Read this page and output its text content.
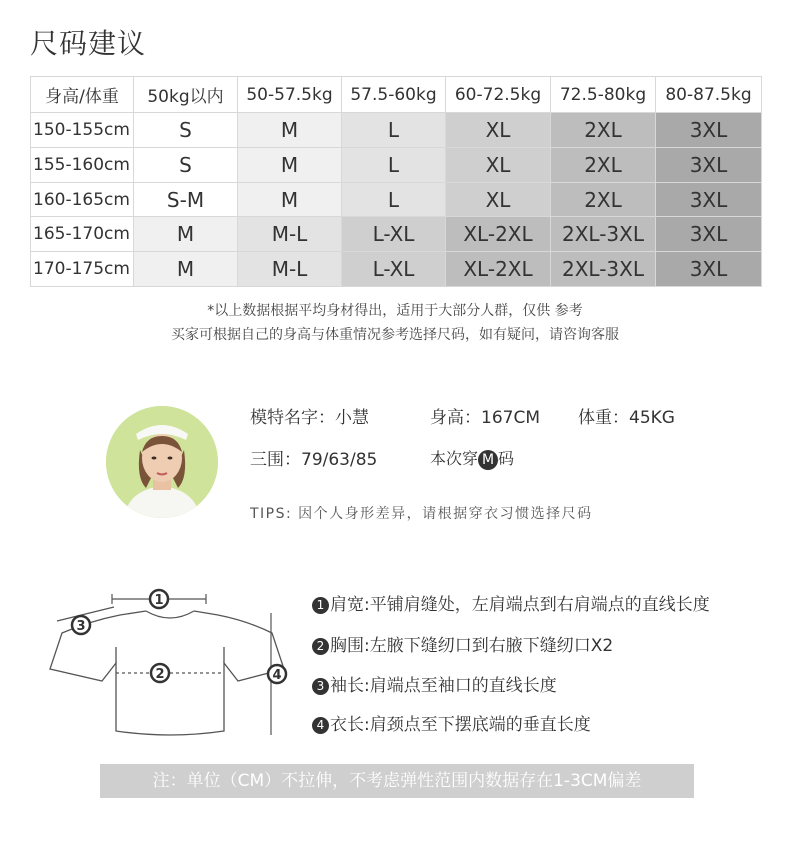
尺码建议
身高/体重	50kg以内	50-57.5kg	57.5-60kg	60-72.5kg	72.5-80kg	80-87.5kg
150-155cm	S	M	L	XL	2XL	3XL
155-160cm	S	M	L	XL	2XL	3XL
160-165cm	S-M	M	L	XL	2XL	3XL
165-170cm	M	M-L	L-XL	XL-2XL	2XL-3XL	3XL
170-175cm	M	M-L	L-XL	XL-2XL	2XL-3XL	3XL
*以上数据根据平均身材得出，适用于大部分人群，仅供 参考
买家可根据自己的身高与体重情况参考选择尺码，如有疑问，请咨询客服
模特名字：小慧	身高：167CM 体重：45KG
三围：79/63/85	本次穿 M 码
TIPS: 因个人身形差异，请根据穿衣习惯选择尺码
1
2
3
4
1 肩宽:平铺肩缝处，左肩端点到右肩端点的直线长度
2 胸围:左腋下缝纫口到右腋下缝纫口X2
3 袖长:肩端点至袖口的直线长度
4 衣长:肩颈点至下摆底端的垂直长度
注：单位（CM）不拉伸，不考虑弹性范围内数据存在1-3CM偏差
